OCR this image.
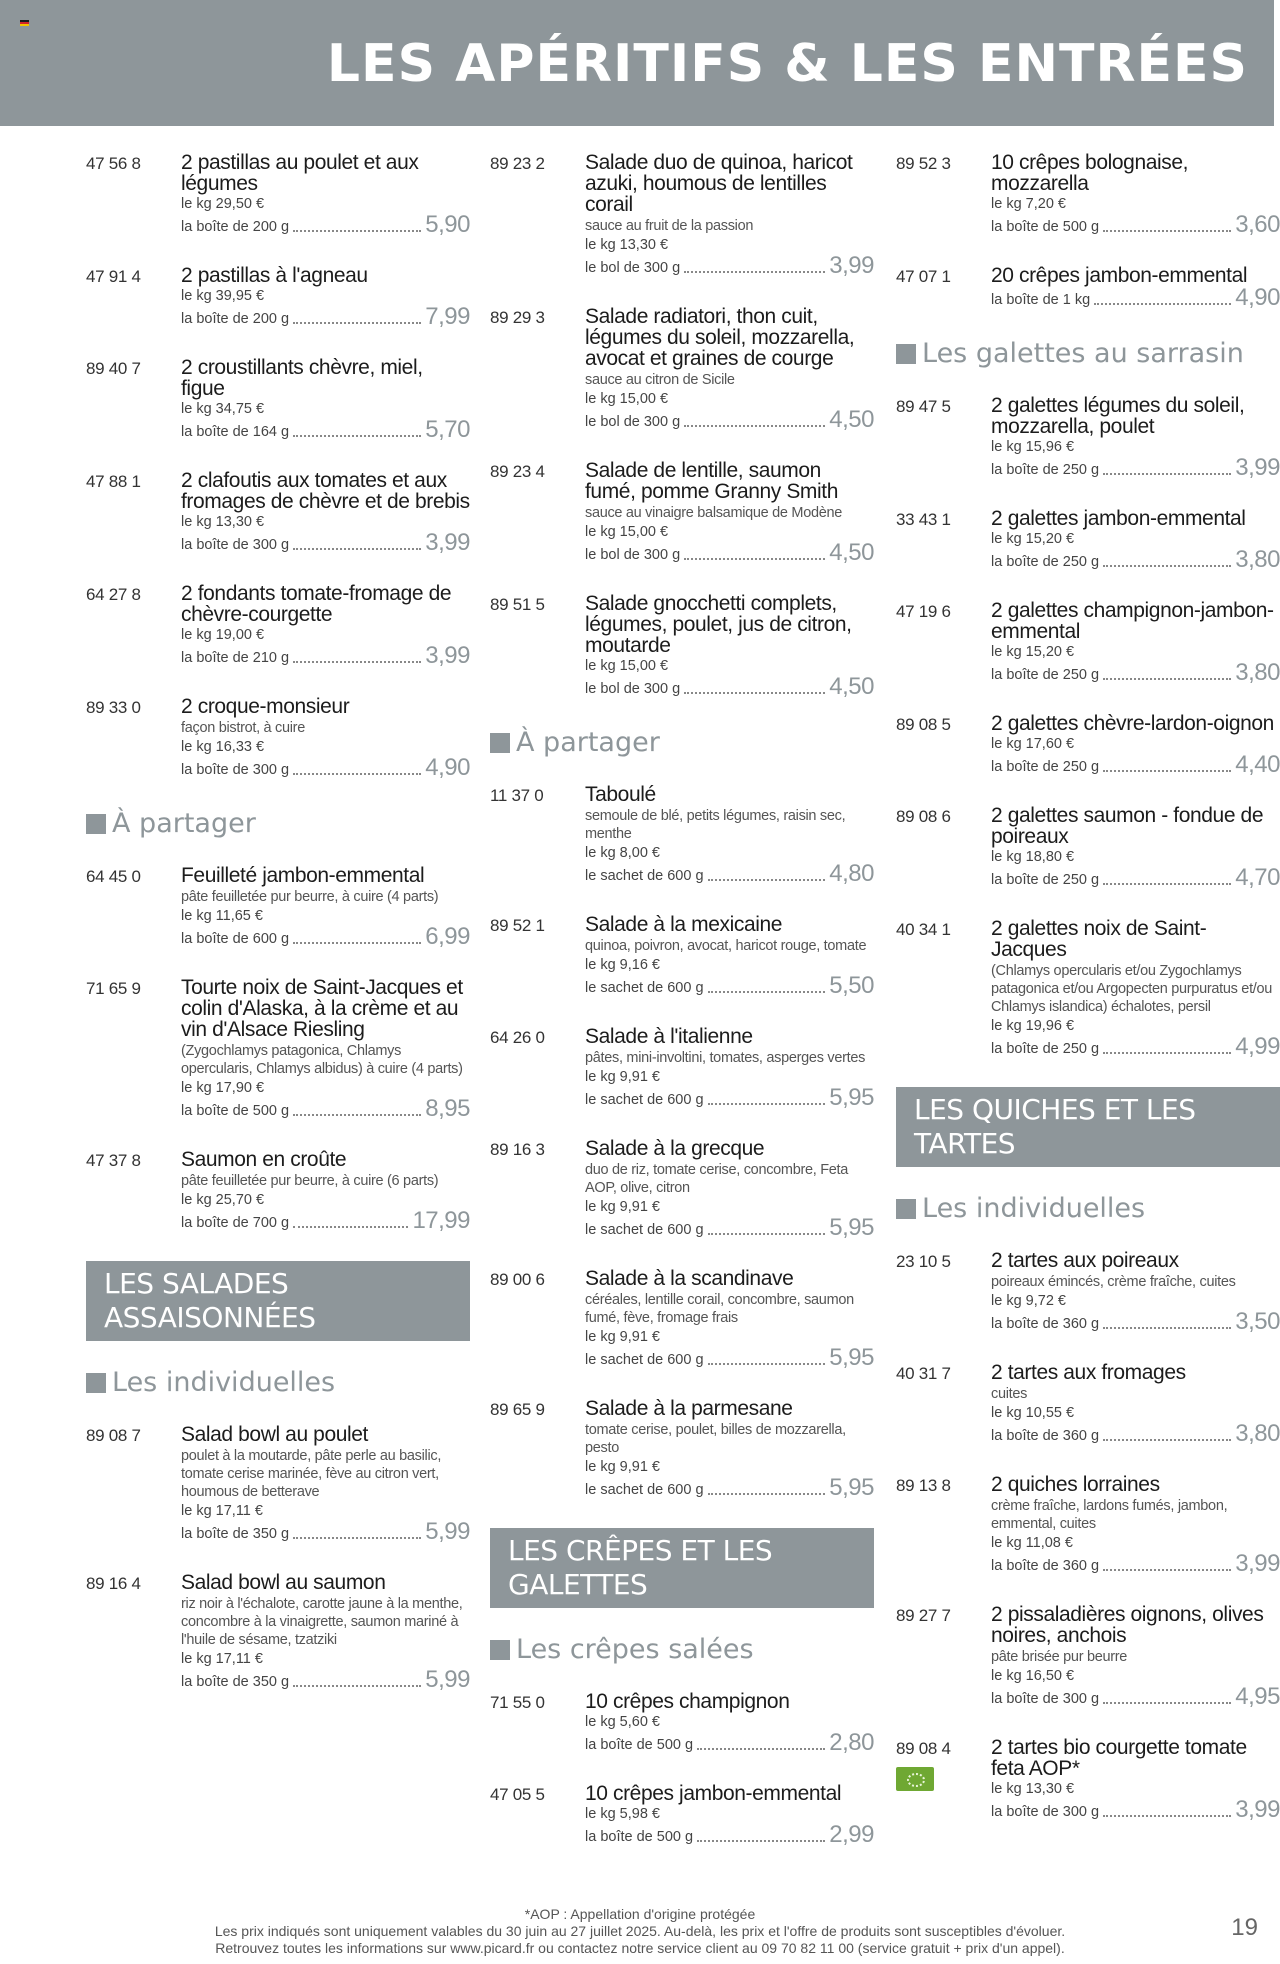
LES APÉRITIFS & LES ENTRÉES
47 56 8 2 pastillas au poulet et aux légumes
le kg 29,50 €
la boîte de 200 g	5,90
47 91 4 2 pastillas à l'agneau
le kg 39,95 €
la boîte de 200 g	7,99
89 40 7 2 croustillants chèvre, miel, figue
le kg 34,75 €
la boîte de 164 g	5,70
47 88 1 2 clafoutis aux tomates et aux fromages de chèvre et de brebis
le kg 13,30 €
la boîte de 300 g	3,99
64 27 8 2 fondants tomate-fromage de chèvre-courgette
le kg 19,00 €
la boîte de 210 g	3,99
89 33 0 2 croque-monsieur
façon bistrot, à cuire
le kg 16,33 €
la boîte de 300 g	4,90
À partager
64 45 0 Feuilleté jambon-emmental
pâte feuilletée pur beurre, à cuire (4 parts)
le kg 11,65 €
la boîte de 600 g	6,99
71 65 9 Tourte noix de Saint-Jacques et colin d'Alaska, à la crème et au vin d'Alsace Riesling
(Zygochlamys patagonica, Chlamys opercularis, Chlamys albidus) à cuire (4 parts)
le kg 17,90 €
la boîte de 500 g	8,95
47 37 8 Saumon en croûte
pâte feuilletée pur beurre, à cuire (6 parts)
le kg 25,70 €
la boîte de 700 g	17,99
LES SALADES ASSAISONNÉES
Les individuelles
89 08 7 Salad bowl au poulet
poulet à la moutarde, pâte perle au basilic, tomate cerise marinée, fève au citron vert, houmous de betterave
le kg 17,11 €
la boîte de 350 g	5,99
89 16 4 Salad bowl au saumon
riz noir à l'échalote, carotte jaune à la menthe, concombre à la vinaigrette, saumon mariné à l'huile de sésame, tzatziki
le kg 17,11 €
la boîte de 350 g	5,99
89 23 2 Salade duo de quinoa, haricot azuki, houmous de lentilles corail
sauce au fruit de la passion
le kg 13,30 €
le bol de 300 g	3,99
89 29 3 Salade radiatori, thon cuit, légumes du soleil, mozzarella, avocat et graines de courge
sauce au citron de Sicile
le kg 15,00 €
le bol de 300 g	4,50
89 23 4 Salade de lentille, saumon fumé, pomme Granny Smith
sauce au vinaigre balsamique de Modène
le kg 15,00 €
le bol de 300 g	4,50
89 51 5 Salade gnocchetti complets, légumes, poulet, jus de citron, moutarde
le kg 15,00 €
le bol de 300 g	4,50
À partager
11 37 0 Taboulé
semoule de blé, petits légumes, raisin sec, menthe
le kg 8,00 €
le sachet de 600 g	4,80
89 52 1 Salade à la mexicaine
quinoa, poivron, avocat, haricot rouge, tomate
le kg 9,16 €
le sachet de 600 g	5,50
64 26 0 Salade à l'italienne
pâtes, mini-involtini, tomates, asperges vertes
le kg 9,91 €
le sachet de 600 g	5,95
89 16 3 Salade à la grecque
duo de riz, tomate cerise, concombre, Feta AOP, olive, citron
le kg 9,91 €
le sachet de 600 g	5,95
89 00 6 Salade à la scandinave
céréales, lentille corail, concombre, saumon fumé, fève, fromage frais
le kg 9,91 €
le sachet de 600 g	5,95
89 65 9 Salade à la parmesane
tomate cerise, poulet, billes de mozzarella, pesto
le kg 9,91 €
le sachet de 600 g	5,95
LES CRÊPES ET LES GALETTES
Les crêpes salées
71 55 0 10 crêpes champignon
le kg 5,60 €
la boîte de 500 g	2,80
47 05 5 10 crêpes jambon-emmental
le kg 5,98 €
la boîte de 500 g	2,99
89 52 3 10 crêpes bolognaise, mozzarella
le kg 7,20 €
la boîte de 500 g	3,60
47 07 1 20 crêpes jambon-emmental
la boîte de 1 kg	4,90
Les galettes au sarrasin
89 47 5 2 galettes légumes du soleil, mozzarella, poulet
le kg 15,96 €
la boîte de 250 g	3,99
33 43 1 2 galettes jambon-emmental
le kg 15,20 €
la boîte de 250 g	3,80
47 19 6 2 galettes champignon-jambon-emmental
le kg 15,20 €
la boîte de 250 g	3,80
89 08 5 2 galettes chèvre-lardon-oignon
le kg 17,60 €
la boîte de 250 g	4,40
89 08 6 2 galettes saumon - fondue de poireaux
le kg 18,80 €
la boîte de 250 g	4,70
40 34 1 2 galettes noix de Saint-Jacques
(Chlamys opercularis et/ou Zygochlamys patagonica et/ou Argopecten purpuratus et/ou Chlamys islandica) échalotes, persil
le kg 19,96 €
la boîte de 250 g	4,99
LES QUICHES ET LES TARTES
Les individuelles
23 10 5 2 tartes aux poireaux
poireaux émincés, crème fraîche, cuites
le kg 9,72 €
la boîte de 360 g	3,50
40 31 7 2 tartes aux fromages
cuites
le kg 10,55 €
la boîte de 360 g	3,80
89 13 8 2 quiches lorraines
crème fraîche, lardons fumés, jambon, emmental, cuites
le kg 11,08 €
la boîte de 360 g	3,99
89 27 7 2 pissaladières oignons, olives noires, anchois
pâte brisée pur beurre
le kg 16,50 €
la boîte de 300 g	4,95
89 08 4 2 tartes bio courgette tomate feta AOP*
le kg 13,30 €
la boîte de 300 g	3,99
*AOP : Appellation d'origine protégée
Les prix indiqués sont uniquement valables du 30 juin au 27 juillet 2025. Au-delà, les prix et l'offre de produits sont susceptibles d'évoluer.
Retrouvez toutes les informations sur www.picard.fr ou contactez notre service client au 09 70 82 11 00 (service gratuit + prix d'un appel).
19
